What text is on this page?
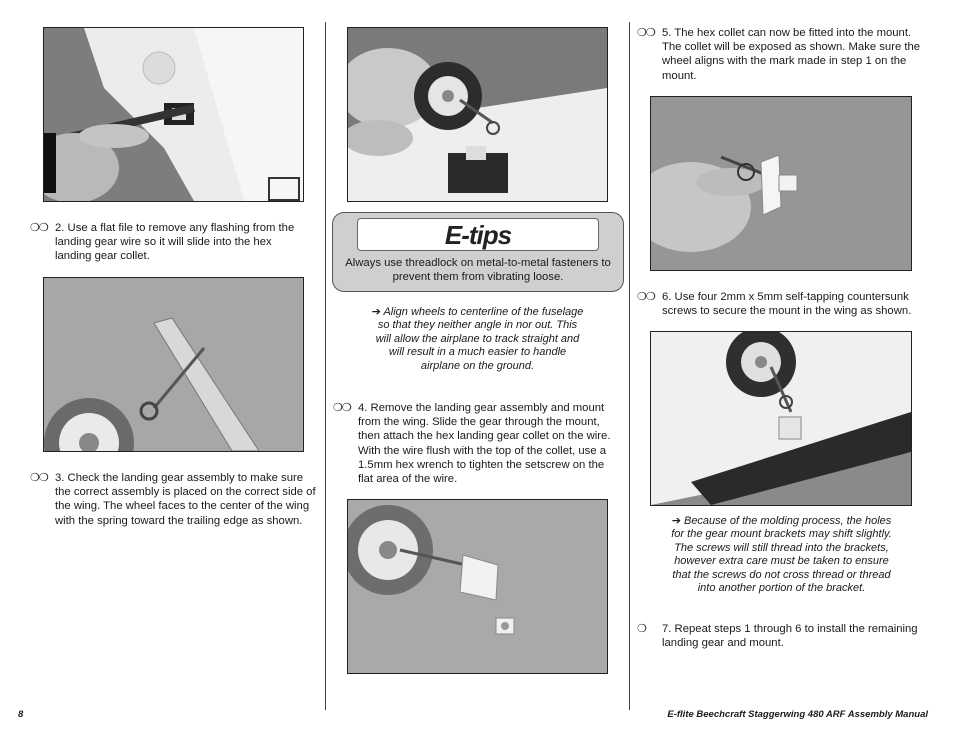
❍❍ 2. Use a flat file to remove any flashing from the landing gear wire so it will slide into the hex landing gear collet.
❍❍ 3. Check the landing gear assembly to make sure the correct assembly is placed on the correct side of the wing. The wheel faces to the center of the wing with the spring toward the trailing edge as shown.
E-tips
Always use threadlock on metal-to-metal fasteners to prevent them from vibrating loose.
➔ Align wheels to centerline of the fuselage so that they neither angle in nor out. This will allow the airplane to track straight and will result in a much easier to handle airplane on the ground.
❍❍ 4. Remove the landing gear assembly and mount from the wing. Slide the gear through the mount, then attach the hex landing gear collet on the wire. With the wire flush with the top of the collet, use a 1.5mm hex wrench to tighten the setscrew on the flat area of the wire.
❍❍ 5. The hex collet can now be fitted into the mount. The collet will be exposed as shown. Make sure the wheel aligns with the mark made in step 1 on the mount.
❍❍ 6. Use four 2mm x 5mm self-tapping countersunk screws to secure the mount in the wing as shown.
➔ Because of the molding process, the holes for the gear mount brackets may shift slightly. The screws will still thread into the brackets, however extra care must be taken to ensure that the screws do not cross thread or thread into another portion of the bracket.
❍	7. Repeat steps 1 through 6 to install the remaining landing gear and mount.
8	E-flite Beechcraft Staggerwing 480 ARF Assembly Manual
